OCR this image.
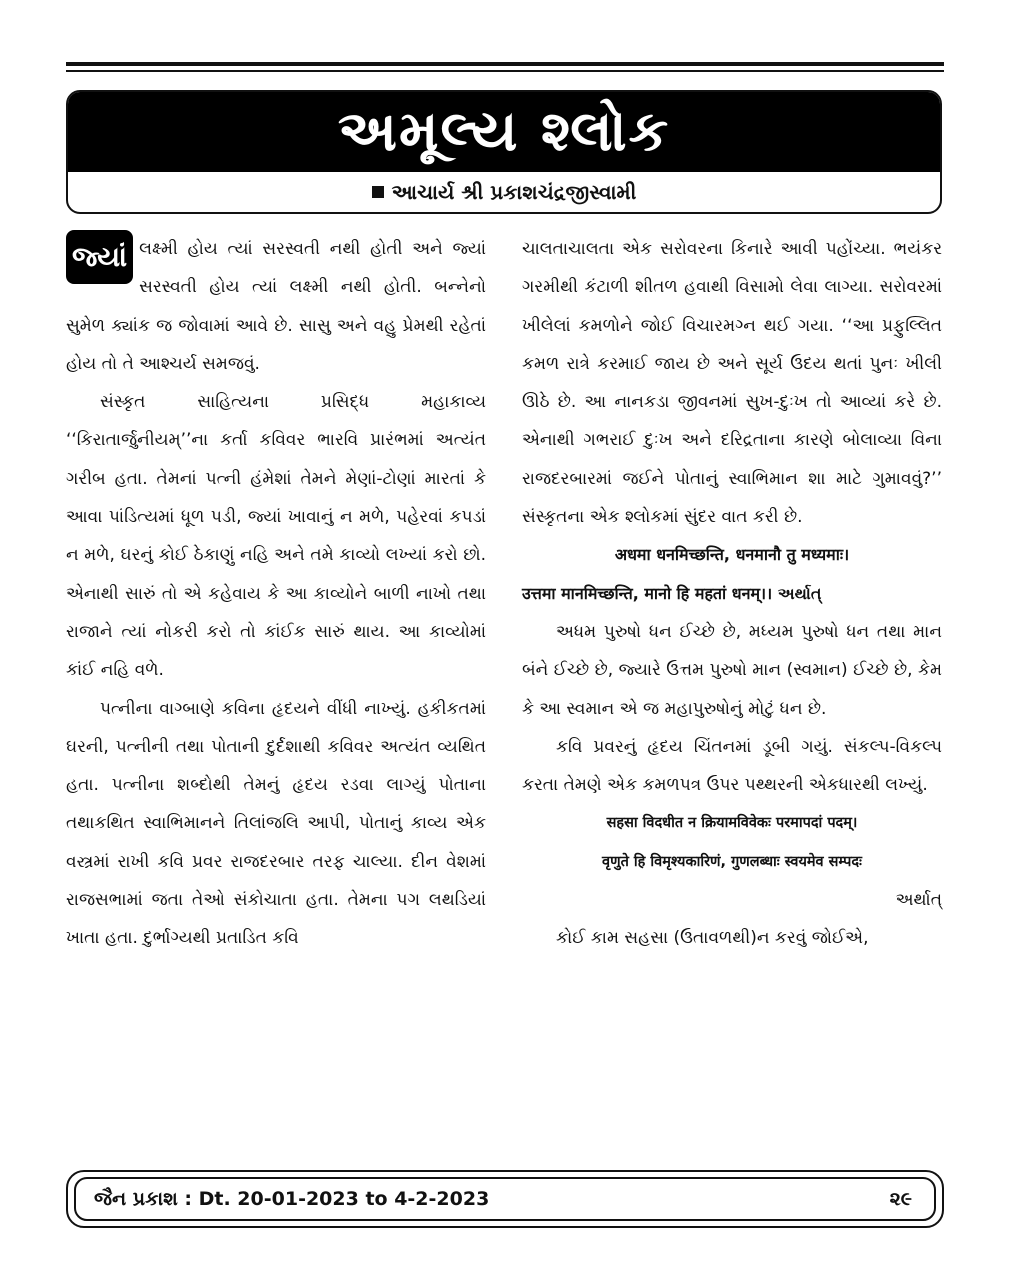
અમૂલ્ય શ્લોક
આચાર્ય શ્રી પ્રકાશચંદ્રજીસ્વામી

જ્યાં લક્ષ્મી હોય ત્યાં સરસ્વતી નથી હોતી અને જ્યાં સરસ્વતી હોય ત્યાં લક્ષ્મી નથી હોતી. બન્નેનો સુમેળ ક્યાંક જ જોવામાં આવે છે. સાસુ અને વહુ પ્રેમથી રહેતાં હોય તો તે આશ્ચર્ય સમજવું.

સંસ્કૃત સાહિત્યના પ્રસિદ્ધ મહાકાવ્ય ‘‘કિરાતાર્જુનીયમ્’’ના કર્તા કવિવર ભારવિ પ્રારંભમાં અત્યંત ગરીબ હતા. તેમનાં પત્ની હંમેશાં તેમને મેણાં-ટોણાં મારતાં કે આવા પાંડિત્યમાં ધૂળ પડી, જ્યાં ખાવાનું ન મળે, પહેરવાં કપડાં ન મળે, ઘરનું કોઈ ઠેકાણું નહિ અને તમે કાવ્યો લખ્યાં કરો છો. એનાથી સારું તો એ કહેવાય કે આ કાવ્યોને બાળી નાખો તથા રાજાને ત્યાં નોકરી કરો તો કાંઈક સારું થાય. આ કાવ્યોમાં કાંઈ નહિ વળે.

પત્નીના વાગ્બાણે કવિના હૃદયને વીંધી નાખ્યું. હકીકતમાં ઘરની, પત્નીની તથા પોતાની દુર્દશાથી કવિવર અત્યંત વ્યથિત હતા. પત્નીના શબ્દોથી તેમનું હૃદય રડવા લાગ્યું પોતાના તથાકથિત સ્વાભિમાનને તિલાંજલિ આપી, પોતાનું કાવ્ય એક વસ્ત્રમાં રાખી કવિ પ્રવર રાજદરબાર તરફ ચાલ્યા. દીન વેશમાં રાજસભામાં જતા તેઓ સંકોચાતા હતા. તેમના પગ લથડિયાં ખાતા હતા. દુર્ભાગ્યથી પ્રતાડિત કવિ

ચાલતાચાલતા એક સરોવરના કિનારે આવી પહોંચ્યા. ભયંકર ગરમીથી કંટાળી શીતળ હવાથી વિસામો લેવા લાગ્યા. સરોવરમાં ખીલેલાં કમળોને જોઈ વિચારમગ્ન થઈ ગયા. ‘‘આ પ્રફુલ્લિત કમળ રાત્રે કરમાઈ જાય છે અને સૂર્ય ઉદય થતાં પુનઃ ખીલી ઊઠે છે. આ નાનકડા જીવનમાં સુખ-દુઃખ તો આવ્યાં કરે છે. એનાથી ગભરાઈ દુઃખ અને દરિદ્રતાના કારણે બોલાવ્યા વિના રાજદરબારમાં જઈને પોતાનું સ્વાભિમાન શા માટે ગુમાવવું?’’ સંસ્કૃતના એક શ્લોકમાં સુંદર વાત કરી છે.

अधमा धनमिच्छन्ति, धनमानौ तु मध्यमाः।

उत्तमा मानमिच्छन्ति, मानो हि महतां धनम्।। અર્થાત્

અધમ પુરુષો ધન ઈચ્છે છે, મધ્યમ પુરુષો ધન તથા માન બંને ઈચ્છે છે, જ્યારે ઉત્તમ પુરુષો માન (સ્વમાન) ઈચ્છે છે, કેમ કે આ સ્વમાન એ જ મહાપુરુષોનું મોટું ધન છે.

કવિ પ્રવરનું હૃદય ચિંતનમાં ડૂબી ગયું. સંકલ્પ-વિકલ્પ કરતા તેમણે એક કમળપત્ર ઉપર પથ્થરની એકધારથી લખ્યું.

सहसा विदधीत न क्रियामविवेकः परमापदां पदम्।

वृणुते हि विमृश्यकारिणं, गुणलब्धाः स्वयमेव सम्पदः

અર્થાત્

કોઈ કામ સહસા (ઉતાવળથી)ન કરવું જોઈએ,

જૈન પ્રકાશ : Dt. 20-01-2023 to 4-2-2023	૨૯
